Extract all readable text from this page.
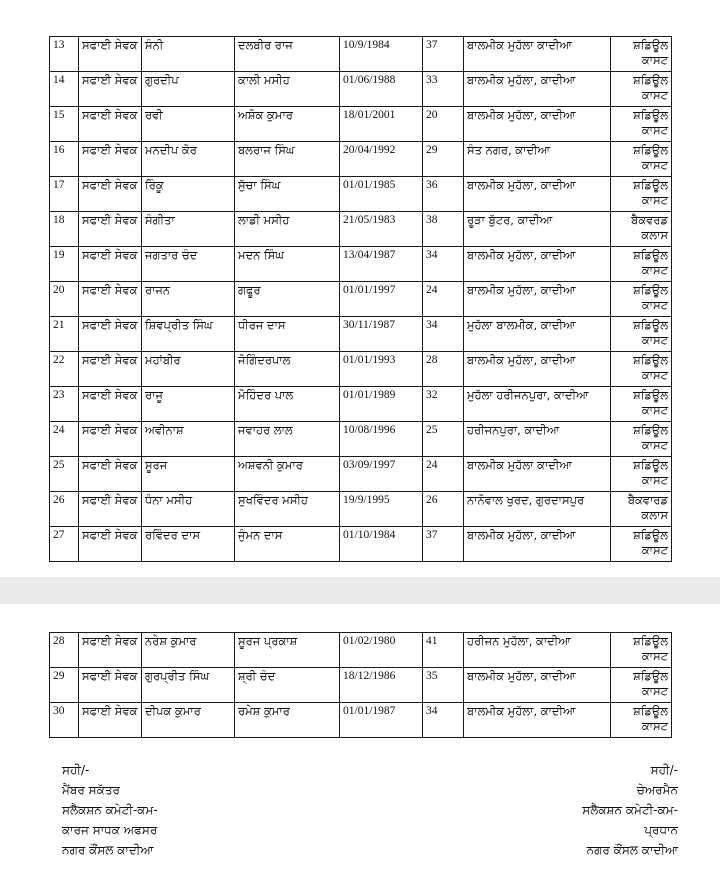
13	ਸਫਾਈ ਸੇਵਕ	ਸੰਨੀ	ਦਲਬੀਰ ਰਾਜ	10/9/1984	37	ਬਾਲਮੀਕ ਮੁਹੱਲਾ ਕਾਦੀਆ	ਸ਼ਡਿਊਲ ਕਾਸਟ
14	ਸਫਾਈ ਸੇਵਕ	ਗੁਰਦੀਪ	ਕਾਲੀ ਮਸੀਹ	01/06/1988	33	ਬਾਲਮੀਕ ਮੁਹੱਲਾ, ਕਾਦੀਆ	ਸ਼ਡਿਊਲ ਕਾਸਟ
15	ਸਫਾਈ ਸੇਵਕ	ਰਵੀ	ਅਸ਼ੋਕ ਕੁਮਾਰ	18/01/2001	20	ਬਾਲਮੀਕ ਮੁਹੱਲਾ, ਕਾਦੀਆ	ਸ਼ਡਿਊਲ ਕਾਸਟ
16	ਸਫਾਈ ਸੇਵਕ	ਮਨਦੀਪ ਕੋਰ	ਬਲਰਾਜ ਸਿੰਘ	20/04/1992	29	ਸੰਤ ਨਗਰ, ਕਾਦੀਆ	ਸ਼ਡਿਊਲ ਕਾਸਟ
17	ਸਫਾਈ ਸੇਵਕ	ਰਿੰਕੂ	ਸੁੱਚਾ ਸਿੰਘ	01/01/1985	36	ਬਾਲਮੀਕ ਮੁਹੱਲਾ, ਕਾਦੀਆ	ਸ਼ਡਿਊਲ ਕਾਸਟ
18	ਸਫਾਈ ਸੇਵਕ	ਸੰਗੀਤਾ	ਲਾਡੀ ਮਸੀਹ	21/05/1983	38	ਰੂੜਾ ਬੁੱਟਰ, ਕਾਦੀਆ	ਬੈਕਵਰਡ ਕਲਾਸ
19	ਸਫਾਈ ਸੇਵਕ	ਜਗਤਾਰ ਚੰਦ	ਮਦਨ ਸਿੰਘ	13/04/1987	34	ਬਾਲਮੀਕ ਮੁਹੱਲਾ, ਕਾਦੀਆ	ਸ਼ਡਿਊਲ ਕਾਸਟ
20	ਸਫਾਈ ਸੇਵਕ	ਰਾਜਨ	ਗਫੂਰ	01/01/1997	24	ਬਾਲਮੀਕ ਮੁਹੱਲਾ, ਕਾਦੀਆ	ਸ਼ਡਿਊਲ ਕਾਸਟ
21	ਸਫਾਈ ਸੇਵਕ	ਸ਼ਿਵਪ੍ਰੀਤ ਸਿੰਘ	ਧੀਰਜ ਦਾਸ	30/11/1987	34	ਮੁਹੱਲਾ ਬਾਲਮੀਕ, ਕਾਦੀਆ	ਸ਼ਡਿਊਲ ਕਾਸਟ
22	ਸਫਾਈ ਸੇਵਕ	ਮਹਾਂਬੀਰ	ਜੋਗਿੰਦਰਪਾਲ	01/01/1993	28	ਬਾਲਮੀਕ ਮੁਹੱਲਾ, ਕਾਦੀਆ	ਸ਼ਡਿਊਲ ਕਾਸਟ
23	ਸਫਾਈ ਸੇਵਕ	ਰਾਜੂ	ਮੋਹਿੰਦਰ ਪਾਲ	01/01/1989	32	ਮੁਹੱਲਾ ਹਰੀਜਨਪੁਰਾ, ਕਾਦੀਆ	ਸ਼ਡਿਊਲ ਕਾਸਟ
24	ਸਫਾਈ ਸੇਵਕ	ਅਵੀਨਾਸ਼	ਜਵਾਹਰ ਲਾਲ	10/08/1996	25	ਹਰੀਜਨਪੁਰਾ, ਕਾਦੀਆ	ਸ਼ਡਿਊਲ ਕਾਸਟ
25	ਸਫਾਈ ਸੇਵਕ	ਸੂਰਜ	ਅਸ਼ਵਨੀ ਕੁਮਾਰ	03/09/1997	24	ਬਾਲਮੀਕ ਮੁਹੱਲਾ ਕਾਦੀਆ	ਸ਼ਡਿਊਲ ਕਾਸਟ
26	ਸਫਾਈ ਸੇਵਕ	ਧੰਨਾ ਮਸੀਹ	ਸੁਖਵਿੰਦਰ ਮਸੀਹ	19/9/1995	26	ਨਾਨੋਵਾਲ ਖੁਰਦ, ਗੁਰਦਾਸਪੁਰ	ਬੈਕਵਾਰਡ ਕਲਾਸ
27	ਸਫਾਈ ਸੇਵਕ	ਰਵਿੰਦਰ ਦਾਸ	ਜੁੰਮਨ ਦਾਸ	01/10/1984	37	ਬਾਲਮੀਕ ਮੁਹੱਲਾ, ਕਾਦੀਆ	ਸ਼ਡਿਊਲ ਕਾਸਟ
28	ਸਫਾਈ ਸੇਵਕ	ਨਰੇਸ਼ ਕੁਮਾਰ	ਸੂਰਜ ਪ੍ਰਕਾਸ਼	01/02/1980	41	ਹਰੀਜਨ ਮੁਹੱਲਾ, ਕਾਦੀਆ	ਸ਼ਡਿਊਲ ਕਾਸਟ
29	ਸਫਾਈ ਸੇਵਕ	ਗੁਰਪ੍ਰੀਤ ਸਿੰਘ	ਸ਼੍ਰੀ ਚੰਦ	18/12/1986	35	ਬਾਲਮੀਕ ਮੁਹੱਲਾ, ਕਾਦੀਆ	ਸ਼ਡਿਊਲ ਕਾਸਟ
30	ਸਫਾਈ ਸੇਵਕ	ਦੀਪਕ ਕੁਮਾਰ	ਰਮੇਸ਼ ਕੁਮਾਰ	01/01/1987	34	ਬਾਲਮੀਕ ਮੁਹੱਲਾ, ਕਾਦੀਆ	ਸ਼ਡਿਊਲ ਕਾਸਟ
ਸਹੀ/-
ਮੈਂਬਰ ਸਕੱਤਰ
ਸਲੈਕਸ਼ਨ ਕਮੇਟੀ-ਕਮ-
ਕਾਰਜ ਸਾਧਕ ਅਫਸਰ
ਨਗਰ ਕੌਂਸਲ ਕਾਦੀਆ
ਸਹੀ/-
ਚੇਅਰਮੈਨ
ਸਲੈਕਸ਼ਨ ਕਮੇਟੀ-ਕਮ-
ਪ੍ਰਧਾਨ
ਨਗਰ ਕੌਂਸਲ ਕਾਦੀਆ
